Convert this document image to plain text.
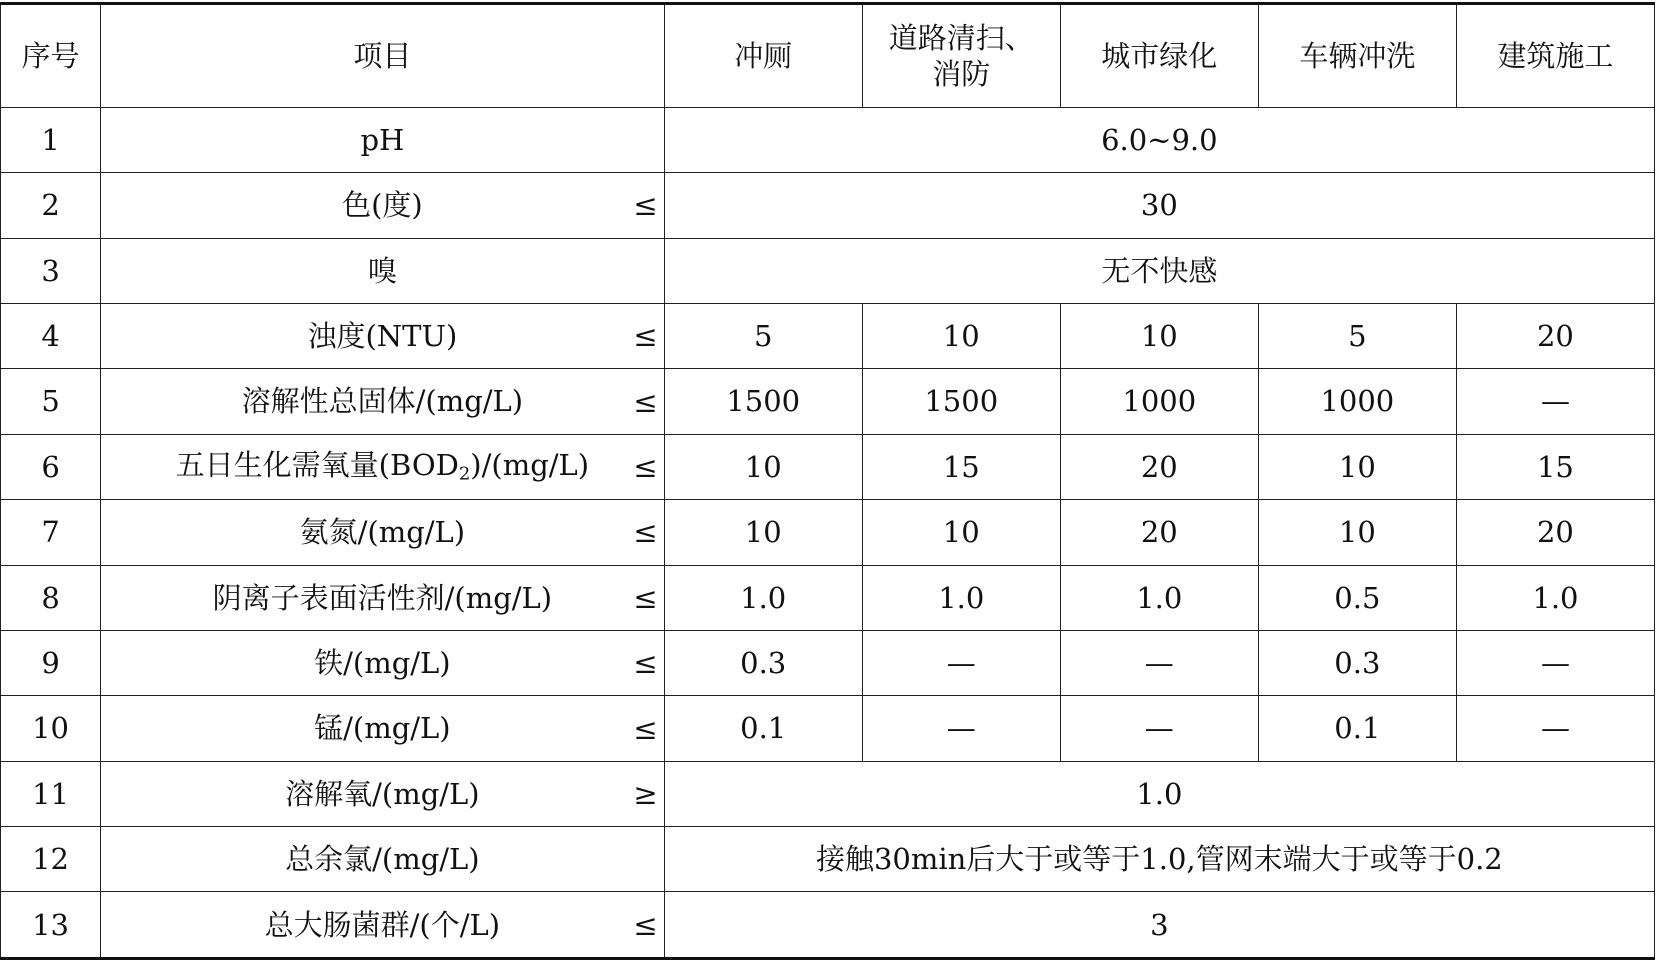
序号	项目	冲厕	道路清扫、消防	城市绿化	车辆冲洗	建筑施工
1	pH	6.0~9.0				
2	色(度) ≤	30				
3	嗅	无不快感				
4	浊度(NTU) ≤	5	10	10	5	20
5	溶解性总固体/(mg/L) ≤	1500	1500	1000	1000	—
6	五日生化需氧量$(BOD_2)/(mg/L)$ ≤	10	15	20	10	15
7	氨氮/(mg/L) ≤	10	10	20	10	20
8	阴离子表面活性剂/(mg/L) ≤	1.0	1.0	1.0	0.5	1.0
9	铁/(mg/L) ≤	0.3	—	—	0.3	—
10	锰/(mg/L) ≤	0.1	—	—	0.1	—
11	溶解氧/(mg/L) ≥	1.0				
12	总余氯/(mg/L)	接触30min后大于或等于1.0,管网末端大于或等于0.2				
13	总大肠菌群/(个/L) ≤	3				
